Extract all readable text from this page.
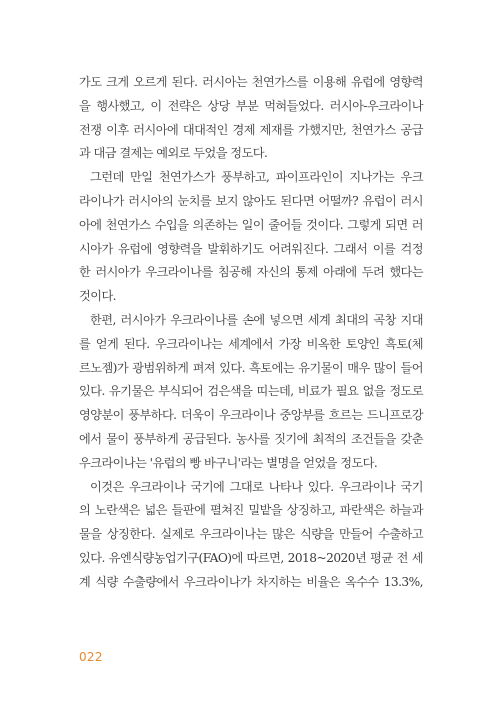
가도 크게 오르게 된다. 러시아는 천연가스를 이용해 유럽에 영향력
을 행사했고, 이 전략은 상당 부분 먹혀들었다. 러시아-우크라이나
전쟁 이후 러시아에 대대적인 경제 제재를 가했지만, 천연가스 공급
과 대금 결제는 예외로 두었을 정도다.
그런데 만일 천연가스가 풍부하고, 파이프라인이 지나가는 우크
라이나가 러시아의 눈치를 보지 않아도 된다면 어떨까? 유럽이 러시
아에 천연가스 수입을 의존하는 일이 줄어들 것이다. 그렇게 되면 러
시아가 유럽에 영향력을 발휘하기도 어려워진다. 그래서 이를 걱정
한 러시아가 우크라이나를 침공해 자신의 통제 아래에 두려 했다는
것이다.
한편, 러시아가 우크라이나를 손에 넣으면 세계 최대의 곡창 지대
를 얻게 된다. 우크라이나는 세계에서 가장 비옥한 토양인 흑토(체
르노젬)가 광범위하게 펴져 있다. 흑토에는 유기물이 매우 많이 들어
있다. 유기물은 부식되어 검은색을 띠는데, 비료가 필요 없을 정도로
영양분이 풍부하다. 더욱이 우크라이나 중앙부를 흐르는 드니프로강
에서 물이 풍부하게 공급된다. 농사를 짓기에 최적의 조건들을 갖춘
우크라이나는 '유럽의 빵 바구니'라는 별명을 얻었을 정도다.
이것은 우크라이나 국기에 그대로 나타나 있다. 우크라이나 국기
의 노란색은 넓은 들판에 펼쳐진 밀밭을 상징하고, 파란색은 하늘과
물을 상징한다. 실제로 우크라이나는 많은 식량을 만들어 수출하고
있다. 유엔식량농업기구(FAO)에 따르면, 2018~2020년 평균 전 세
계 식량 수출량에서 우크라이나가 차지하는 비율은 옥수수 13.3%,
022
